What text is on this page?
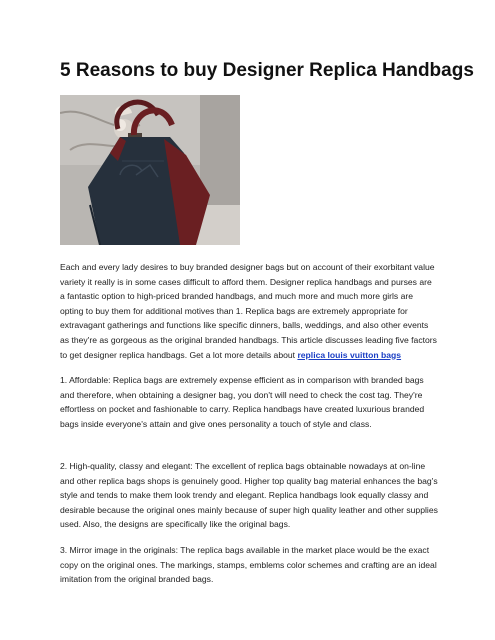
5 Reasons to buy Designer Replica Handbags

Each and every lady desires to buy branded designer bags but on account of their exorbitant value variety it really is in some cases difficult to afford them. Designer replica handbags and purses are a fantastic option to high-priced branded handbags, and much more and much more girls are opting to buy them for additional motives than 1. Replica bags are extremely appropriate for extravagant gatherings and functions like specific dinners, balls, weddings, and also other events as they're as gorgeous as the original branded handbags. This article discusses leading five factors to get designer replica handbags. Get a lot more details about replica louis vuitton bags

1. Affordable: Replica bags are extremely expense efficient as in comparison with branded bags and therefore, when obtaining a designer bag, you don't will need to check the cost tag. They're effortless on pocket and fashionable to carry. Replica handbags have created luxurious branded bags inside everyone's attain and give ones personality a touch of style and class.

2. High-quality, classy and elegant: The excellent of replica bags obtainable nowadays at on-line and other replica bags shops is genuinely good. Higher top quality bag material enhances the bag's style and tends to make them look trendy and elegant. Replica handbags look equally classy and desirable because the original ones mainly because of super high quality leather and other supplies used. Also, the designs are specifically like the original bags.

3. Mirror image in the originals: The replica bags available in the market place would be the exact copy on the original ones. The markings, stamps, emblems color schemes and crafting are an ideal imitation from the original branded bags.
